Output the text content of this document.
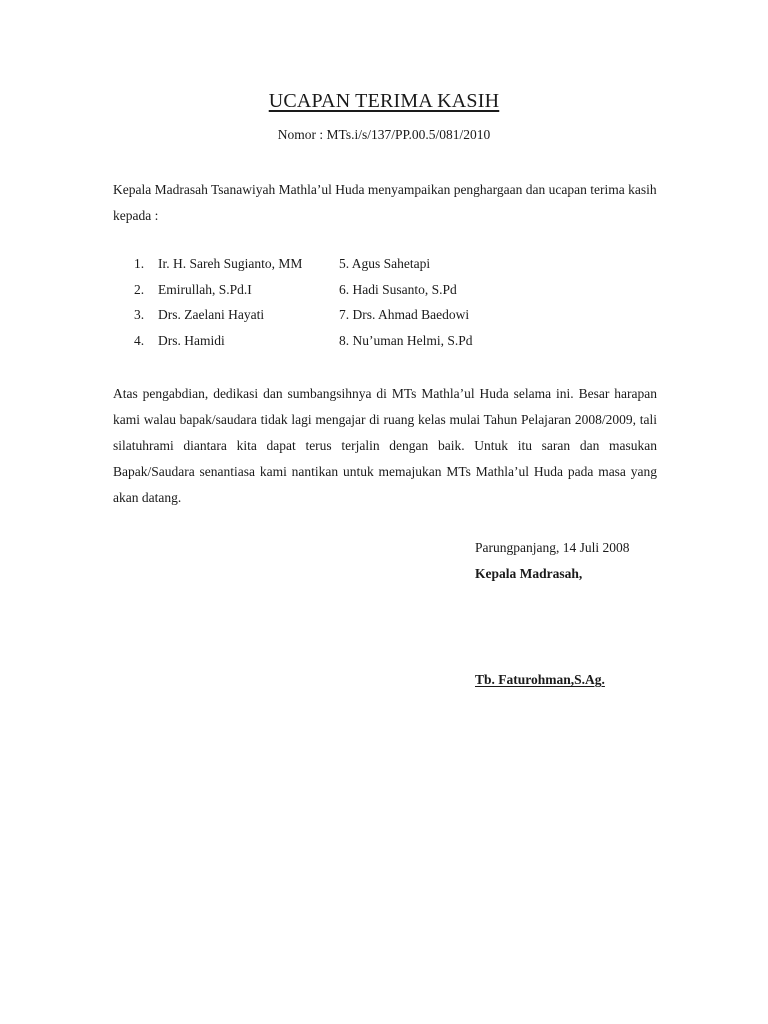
UCAPAN TERIMA KASIH
Nomor : MTs.i/s/137/PP.00.5/081/2010

Kepala Madrasah Tsanawiyah Mathla’ul Huda menyampaikan penghargaan dan ucapan terima kasih kepada :

1. Ir. H. Sareh Sugianto, MM	5. Agus Sahetapi
2. Emirullah, S.Pd.I	6. Hadi Susanto, S.Pd
3. Drs. Zaelani Hayati	7. Drs. Ahmad Baedowi
4. Drs. Hamidi	8. Nu’uman Helmi, S.Pd

Atas pengabdian, dedikasi dan sumbangsihnya di MTs Mathla’ul Huda selama ini. Besar harapan kami walau bapak/saudara tidak lagi mengajar di ruang kelas mulai Tahun Pelajaran 2008/2009, tali silatuhrami diantara kita dapat terus terjalin dengan baik. Untuk itu saran dan masukan Bapak/Saudara senantiasa kami nantikan untuk memajukan MTs Mathla’ul Huda pada masa yang akan datang.

Parungpanjang, 14 Juli 2008
Kepala Madrasah,
Tb. Faturohman,S.Ag.
